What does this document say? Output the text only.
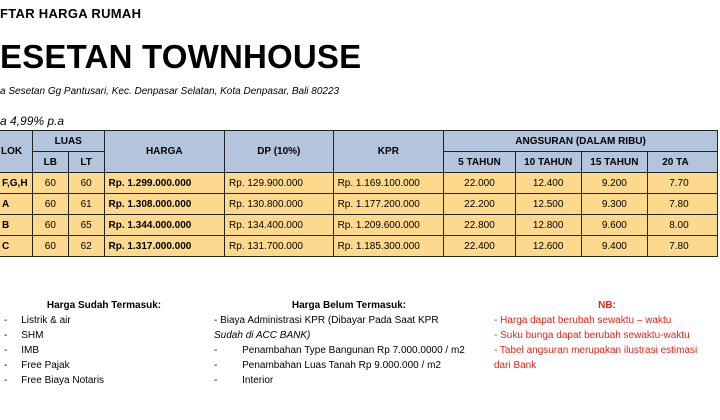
FTAR HARGA RUMAH
ESETAN TOWNHOUSE
a Sesetan Gg Pantusari, Kec. Denpasar Selatan, Kota Denpasar, Bali 80223
a 4,99% p.a
LOK	LUAS		HARGA	DP (10%)	KPR	ANGSURAN (DALAM RIBU)			
	LB	LT				5 TAHUN	10 TAHUN	15 TAHUN	20 TA
F,G,H	60	60	Rp. 1.299.000.000	Rp. 129.900.000	Rp. 1.169.100.000	22.000	12.400	9.200	7.70
A	60	61	Rp. 1.308.000.000	Rp. 130.800.000	Rp. 1.177.200.000	22.200	12.500	9.300	7.80
B	60	65	Rp. 1.344.000.000	Rp. 134.400.000	Rp. 1.209.600.000	22.800	12.800	9.600	8.00
C	60	62	Rp. 1.317.000.000	Rp. 131.700.000	Rp. 1.185.300.000	22.400	12.600	9.400	7.80
Harga Sudah Termasuk:
-     Listrik & air
-     SHM
-     IMB
-     Free Pajak
-     Free Biaya Notaris
Harga Belum Termasuk:
- Biaya Administrasi KPR (Dibayar Pada Saat KPR
Sudah di ACC BANK)
- Penambahan Type Bangunan Rp 7.000.0000 / m2
- Penambahan Luas Tanah Rp 9.000.000 / m2
- Interior
NB:
- Harga dapat berubah sewaktu – waktu
- Suku bunga dapat berubah sewaktu-waktu
- Tabel angsuran merupakan ilustrasi estimasi
dari Bank
